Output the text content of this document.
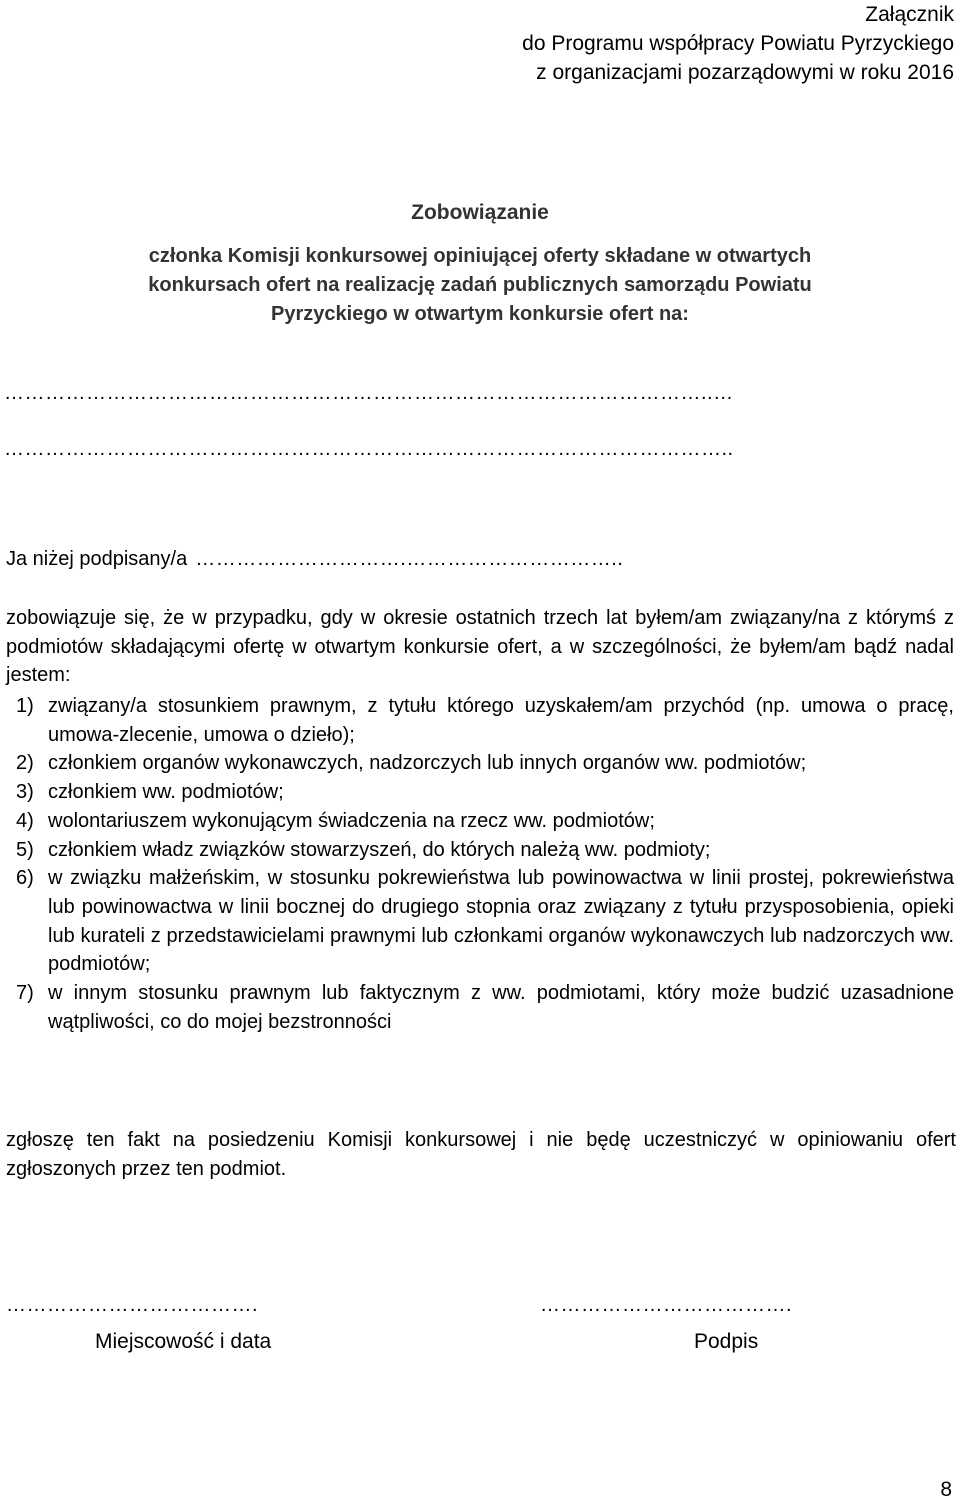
Załącznik
do Programu współpracy Powiatu Pyrzyckiego
z organizacjami pozarządowymi w roku 2016
Zobowiązanie
członka Komisji konkursowej opiniującej oferty składane w otwartych
konkursach ofert na realizację zadań publicznych samorządu Powiatu
Pyrzyckiego w otwartym konkursie ofert na:
…………………………………………………………………………………………..…
……………………………………………………………………………………………..
Ja niżej podpisany/a ………………………….…………………………..
zobowiązuje się, że w przypadku, gdy w okresie ostatnich trzech lat byłem/am związany/na z którymś z podmiotów składającymi ofertę w otwartym konkursie ofert, a w szczególności, że byłem/am bądź nadal jestem:
1) związany/a stosunkiem prawnym, z tytułu którego uzyskałem/am przychód (np. umowa o pracę, umowa-zlecenie, umowa o dzieło);
2) członkiem organów wykonawczych, nadzorczych lub innych organów ww. podmiotów;
3) członkiem ww. podmiotów;
4) wolontariuszem wykonującym świadczenia na rzecz ww. podmiotów;
5) członkiem władz związków stowarzyszeń, do których należą ww. podmioty;
6) w związku małżeńskim, w stosunku pokrewieństwa lub powinowactwa w linii prostej, pokrewieństwa lub powinowactwa w linii bocznej do drugiego stopnia oraz związany z tytułu przysposobienia, opieki lub kurateli z przedstawicielami prawnymi lub członkami organów wykonawczych lub nadzorczych ww. podmiotów;
7) w innym stosunku prawnym lub faktycznym z ww. podmiotami, który może budzić uzasadnione wątpliwości, co do mojej bezstronności
zgłoszę ten fakt na posiedzeniu Komisji konkursowej i nie będę uczestniczyć w opiniowaniu ofert zgłoszonych przez ten podmiot.
……………………………….	……………………………….
Miejscowość i data	Podpis
8
